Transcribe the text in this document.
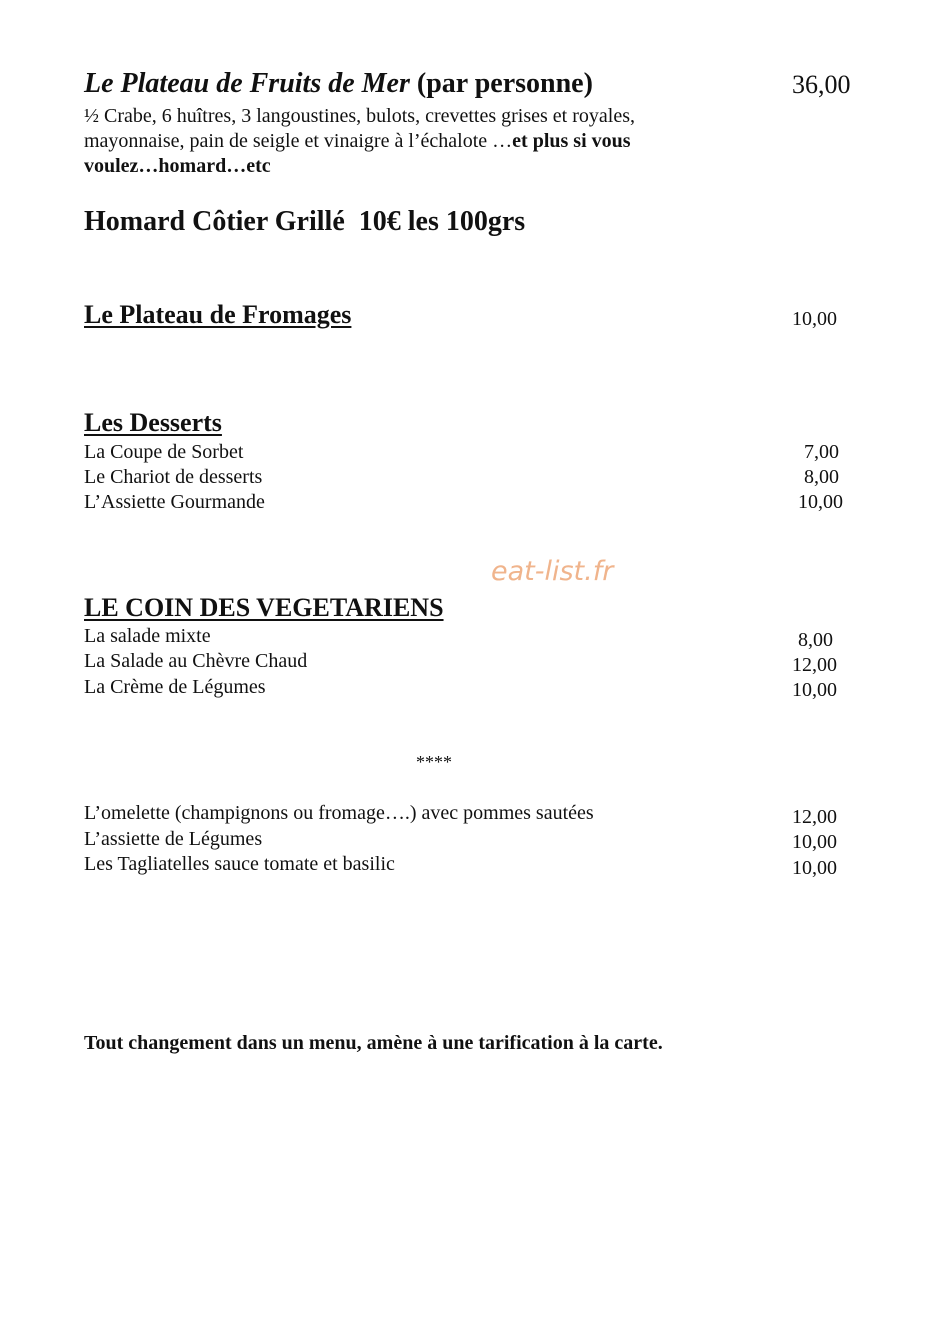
Le Plateau de Fruits de Mer (par personne)	36,00
½ Crabe, 6 huîtres, 3 langoustines, bulots, crevettes grises et royales,
mayonnaise, pain de seigle et vinaigre à l’échalote …et plus si vous
voulez…homard…etc
Homard Côtier Grillé  10€ les 100grs
Le Plateau de Fromages	10,00
Les Desserts
La Coupe de Sorbet	7,00
Le Chariot de desserts	8,00
L’Assiette Gourmande	10,00
eat-list.fr
LE COIN DES VEGETARIENS
La salade mixte	8,00
La Salade au Chèvre Chaud	12,00
La Crème de Légumes	10,00
****
L’omelette (champignons ou fromage….) avec pommes sautées	12,00
L’assiette de Légumes	10,00
Les Tagliatelles sauce tomate et basilic	10,00
Tout changement dans un menu, amène à une tarification à la carte.
